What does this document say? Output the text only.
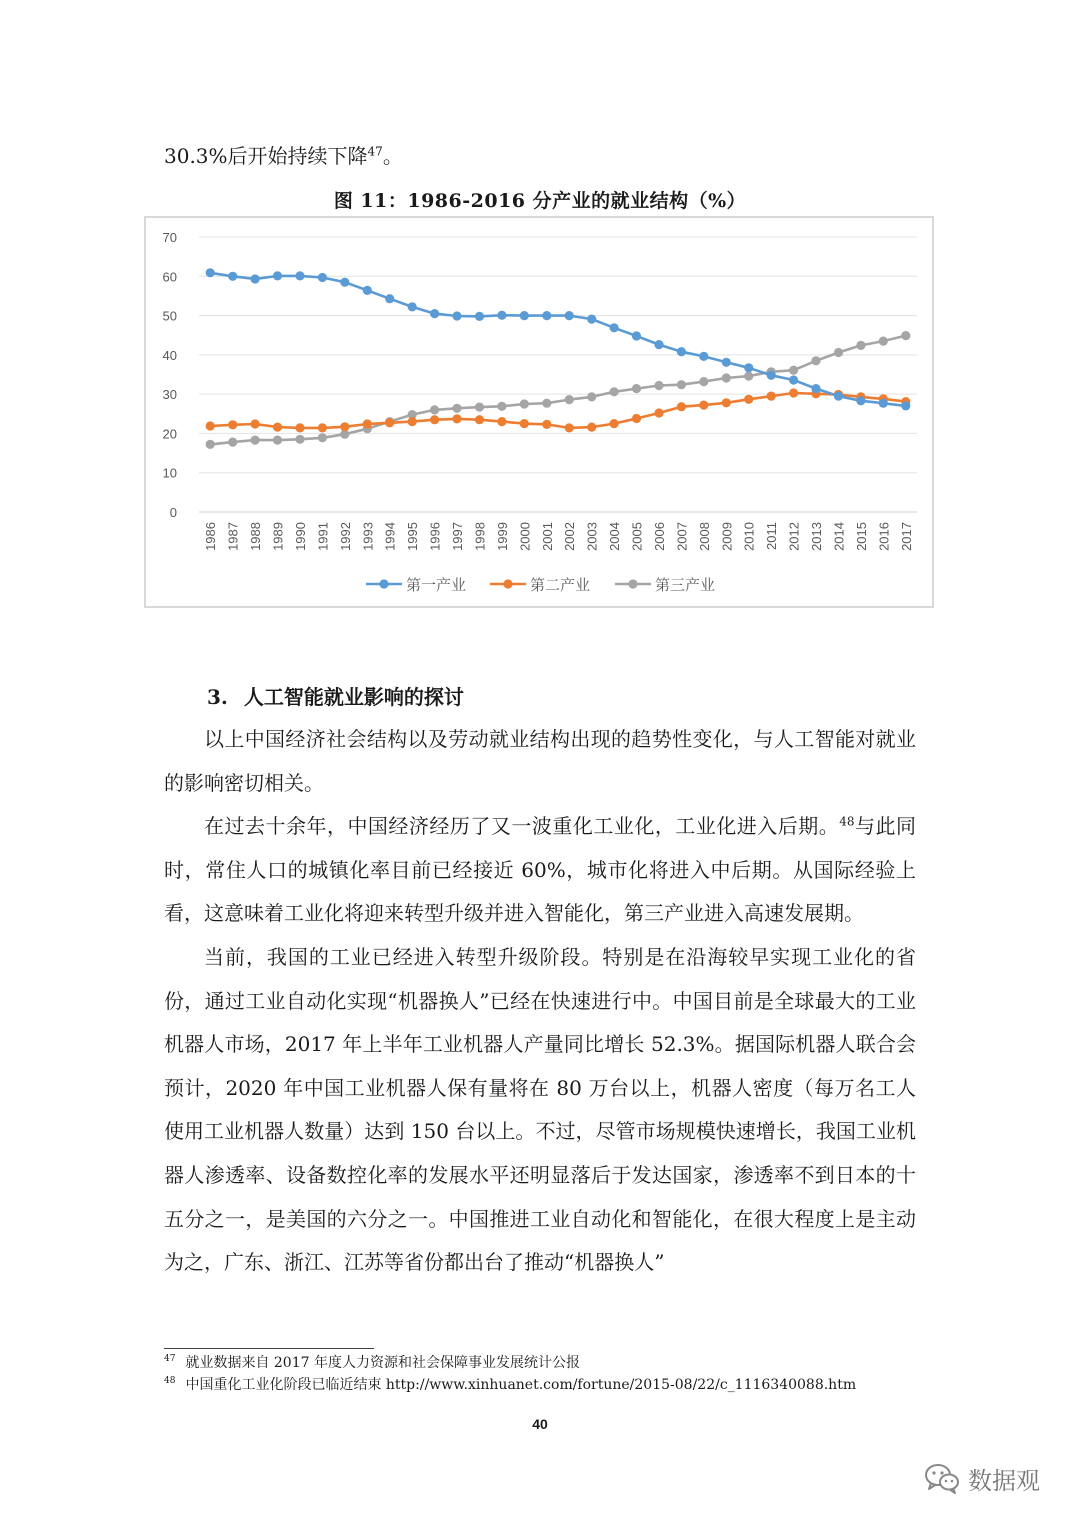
30.3%后开始持续下降$^{47}$。
图 11：1986-2016 分产业的就业结构（%）
0
10
20
30
40
50
60
70
1986 1987 1988 1989 1990 1991 1992 1993 1994 1995 1996 1997 1998 1999 2000 2001 2002 2003 2004 2005 2006 2007 2008 2009 2010 2011 2012 2013 2014 2015 2016 2017
第一产业	第二产业	第三产业
3. 人工智能就业影响的探讨

以上中国经济社会结构以及劳动就业结构出现的趋势性变化，与人工智能对就业的影响密切相关。

在过去十余年，中国经济经历了又一波重化工业化，工业化进入后期。$^{48}$与此同时，常住人口的城镇化率目前已经接近 60%，城市化将进入中后期。从国际经验上看，这意味着工业化将迎来转型升级并进入智能化，第三产业进入高速发展期。

当前，我国的工业已经进入转型升级阶段。特别是在沿海较早实现工业化的省份，通过工业自动化实现“机器换人”已经在快速进行中。中国目前是全球最大的工业机器人市场，2017 年上半年工业机器人产量同比增长 52.3%。据国际机器人联合会预计，2020 年中国工业机器人保有量将在 80 万台以上，机器人密度（每万名工人使用工业机器人数量）达到 150 台以上。不过，尽管市场规模快速增长，我国工业机器人渗透率、设备数控化率的发展水平还明显落后于发达国家，渗透率不到日本的十五分之一，是美国的六分之一。中国推进工业自动化和智能化，在很大程度上是主动为之，广东、浙江、江苏等省份都出台了推动“机器换人”

$^{47}$ 就业数据来自 2017 年度人力资源和社会保障事业发展统计公报
$^{48}$ 中国重化工业化阶段已临近结束 http://www.xinhuanet.com/fortune/2015-08/22/c_1116340088.htm
40
数据观
